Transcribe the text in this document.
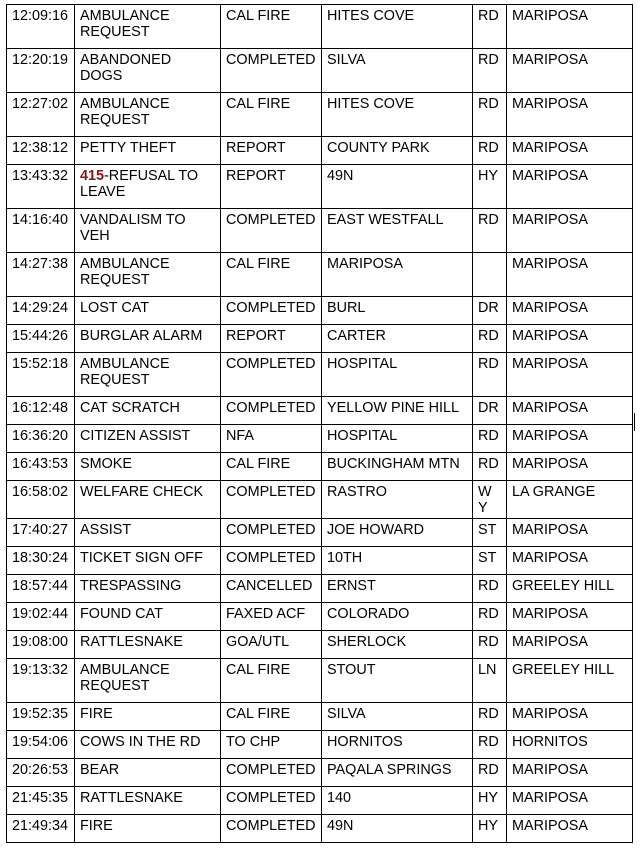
12:09:16	AMBULANCE REQUEST	CAL FIRE	HITES COVE	RD	MARIPOSA
12:20:19	ABANDONED DOGS	COMPLETED	SILVA	RD	MARIPOSA
12:27:02	AMBULANCE REQUEST	CAL FIRE	HITES COVE	RD	MARIPOSA
12:38:12	PETTY THEFT	REPORT	COUNTY PARK	RD	MARIPOSA
13:43:32	415-REFUSAL TO LEAVE	REPORT	49N	HY	MARIPOSA
14:16:40	VANDALISM TO VEH	COMPLETED	EAST WESTFALL	RD	MARIPOSA
14:27:38	AMBULANCE REQUEST	CAL FIRE	MARIPOSA		MARIPOSA
14:29:24	LOST CAT	COMPLETED	BURL	DR	MARIPOSA
15:44:26	BURGLAR ALARM	REPORT	CARTER	RD	MARIPOSA
15:52:18	AMBULANCE REQUEST	COMPLETED	HOSPITAL	RD	MARIPOSA
16:12:48	CAT SCRATCH	COMPLETED	YELLOW PINE HILL	DR	MARIPOSA
16:36:20	CITIZEN ASSIST	NFA	HOSPITAL	RD	MARIPOSA
16:43:53	SMOKE	CAL FIRE	BUCKINGHAM MTN	RD	MARIPOSA
16:58:02	WELFARE CHECK	COMPLETED	RASTRO	WY	LA GRANGE
17:40:27	ASSIST	COMPLETED	JOE HOWARD	ST	MARIPOSA
18:30:24	TICKET SIGN OFF	COMPLETED	10TH	ST	MARIPOSA
18:57:44	TRESPASSING	CANCELLED	ERNST	RD	GREELEY HILL
19:02:44	FOUND CAT	FAXED ACF	COLORADO	RD	MARIPOSA
19:08:00	RATTLESNAKE	GOA/UTL	SHERLOCK	RD	MARIPOSA
19:13:32	AMBULANCE REQUEST	CAL FIRE	STOUT	LN	GREELEY HILL
19:52:35	FIRE	CAL FIRE	SILVA	RD	MARIPOSA
19:54:06	COWS IN THE RD	TO CHP	HORNITOS	RD	HORNITOS
20:26:53	BEAR	COMPLETED	PAQALA SPRINGS	RD	MARIPOSA
21:45:35	RATTLESNAKE	COMPLETED	140	HY	MARIPOSA
21:49:34	FIRE	COMPLETED	49N	HY	MARIPOSA
